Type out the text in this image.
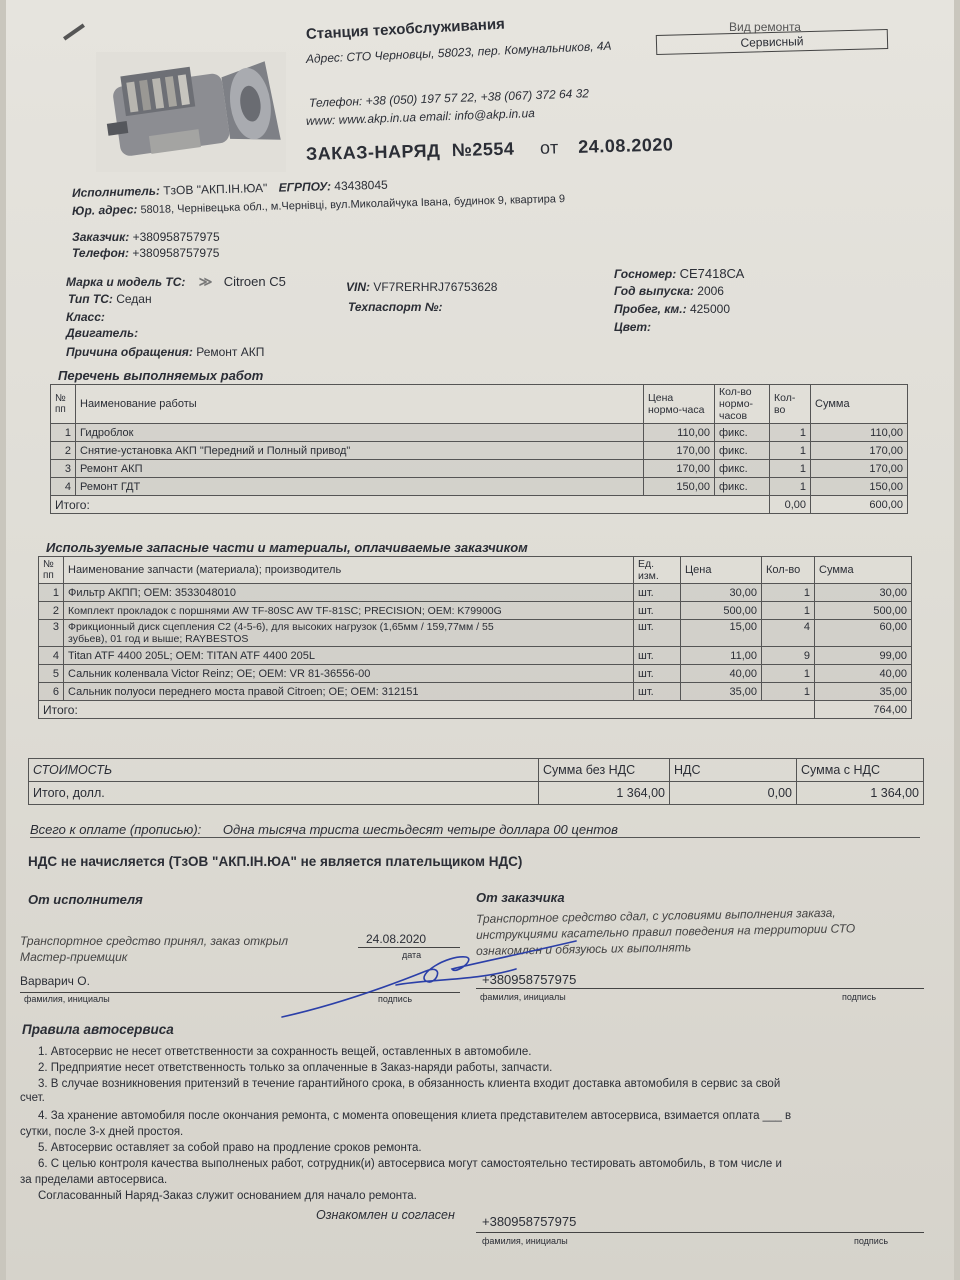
Станция техобслуживания
Адрес: СТО Черновцы, 58023, пер. Комунальников, 4А
Телефон: +38 (050) 197 57 22, +38 (067) 372 64 32
www: www.akp.in.ua email: info@akp.in.ua
Вид ремонта
Сервисный
ЗАКАЗ-НАРЯД №2554 от 24.08.2020
Исполнитель: ТзОВ "АКП.ІН.ЮА" ЕГРПОУ: 43438045
Юр. адрес: 58018, Чернівецька обл., м.Чернівці, вул.Миколайчука Івана, будинок 9, квартира 9
Заказчик: +380958757975
Телефон: +380958757975
Марка и модель ТС: ≫ Citroen C5
Тип ТС: Седан
Класс:
Двигатель:
Причина обращения: Ремонт АКП
VIN: VF7RERHRJ76753628
Техпаспорт №:
Госномер: СЕ7418СА
Год выпуска: 2006
Пробег, км.: 425000
Цвет:
Перечень выполняемых работ
№ пп	Наименование работы	Цена нормо-часа	Кол-во нормо-часов	Кол-во	Сумма
1	Гидроблок	110,00	фикс.	1	110,00
2	Снятие-установка АКП "Передний и Полный привод"	170,00	фикс.	1	170,00
3	Ремонт АКП	170,00	фикс.	1	170,00
4	Ремонт ГДТ	150,00	фикс.	1	150,00
Итого:				0,00	600,00
Используемые запасные части и материалы, оплачиваемые заказчиком
№ пп	Наименование запчасти (материала); производитель	Ед. изм.	Цена	Кол-во	Сумма
1	Фильтр АКПП; OEM: 3533048010	шт.	30,00	1	30,00
2	Комплект прокладок с поршнями AW TF-80SC AW TF-81SC; PRECISION; OEM: K79900G	шт.	500,00	1	500,00
3	Фрикционный диск сцепления С2 (4-5-6), для высоких нагрузок (1,65мм / 159,77мм / 55
зубьев), 01 год и выше; RAYBESTOS	шт.	15,00	4	60,00
4	Titan ATF 4400 205L; OEM: TITAN ATF 4400 205L	шт.	11,00	9	99,00
5	Сальник коленвала Victor Reinz; OE; OEM: VR 81-36556-00	шт.	40,00	1	40,00
6	Сальник полуоси переднего моста правой Citroen; OE; OEM: 312151	шт.	35,00	1	35,00
Итого:					764,00
СТОИМОСТЬ	Сумма без НДС	НДС	Сумма с НДС
Итого, долл.	1 364,00	0,00	1 364,00
Всего к оплате (прописью): Одна тысяча триста шестьдесят четыре доллара 00 центов
НДС не начисляется (ТзОВ "АКП.ІН.ЮА" не является плательщиком НДС)
От исполнителя	От заказчика
Транспортное средство принял, заказ открыл
Мастер-приемщик
24.08.2020
дата
Варварич О.
фамилия, инициалы	подпись
Транспортное средство сдал, с условиями выполнения заказа,
инструкциями касательно правил поведения на территории СТО
ознакомлен и обязуюсь их выполнять
+380958757975
фамилия, инициалы	подпись
Правила автосервиса
1. Автосервис не несет ответственности за сохранность вещей, оставленных в автомобиле.
2. Предприятие несет ответственность только за оплаченные в Заказ-наряди работы, запчасти.
3. В случае возникновения притензий в течение гарантийного срока, в обязанность клиента входит доставка автомобиля в сервис за свой
счет.
4. За хранение автомобиля после окончания ремонта, с момента оповещения клиета представителем автосервиса, взимается оплата ___ в
сутки, после 3-х дней простоя.
5. Автосервис оставляет за собой право на продление сроков ремонта.
6. С целью контроля качества выполненых работ, сотрудник(и) автосервиса могут самостоятельно тестировать автомобиль, в том числе и
за пределами автосервиса.
Согласованный Наряд-Заказ служит основанием для начало ремонта.
Ознакомлен и согласен +380958757975
фамилия, инициалы	подпись
